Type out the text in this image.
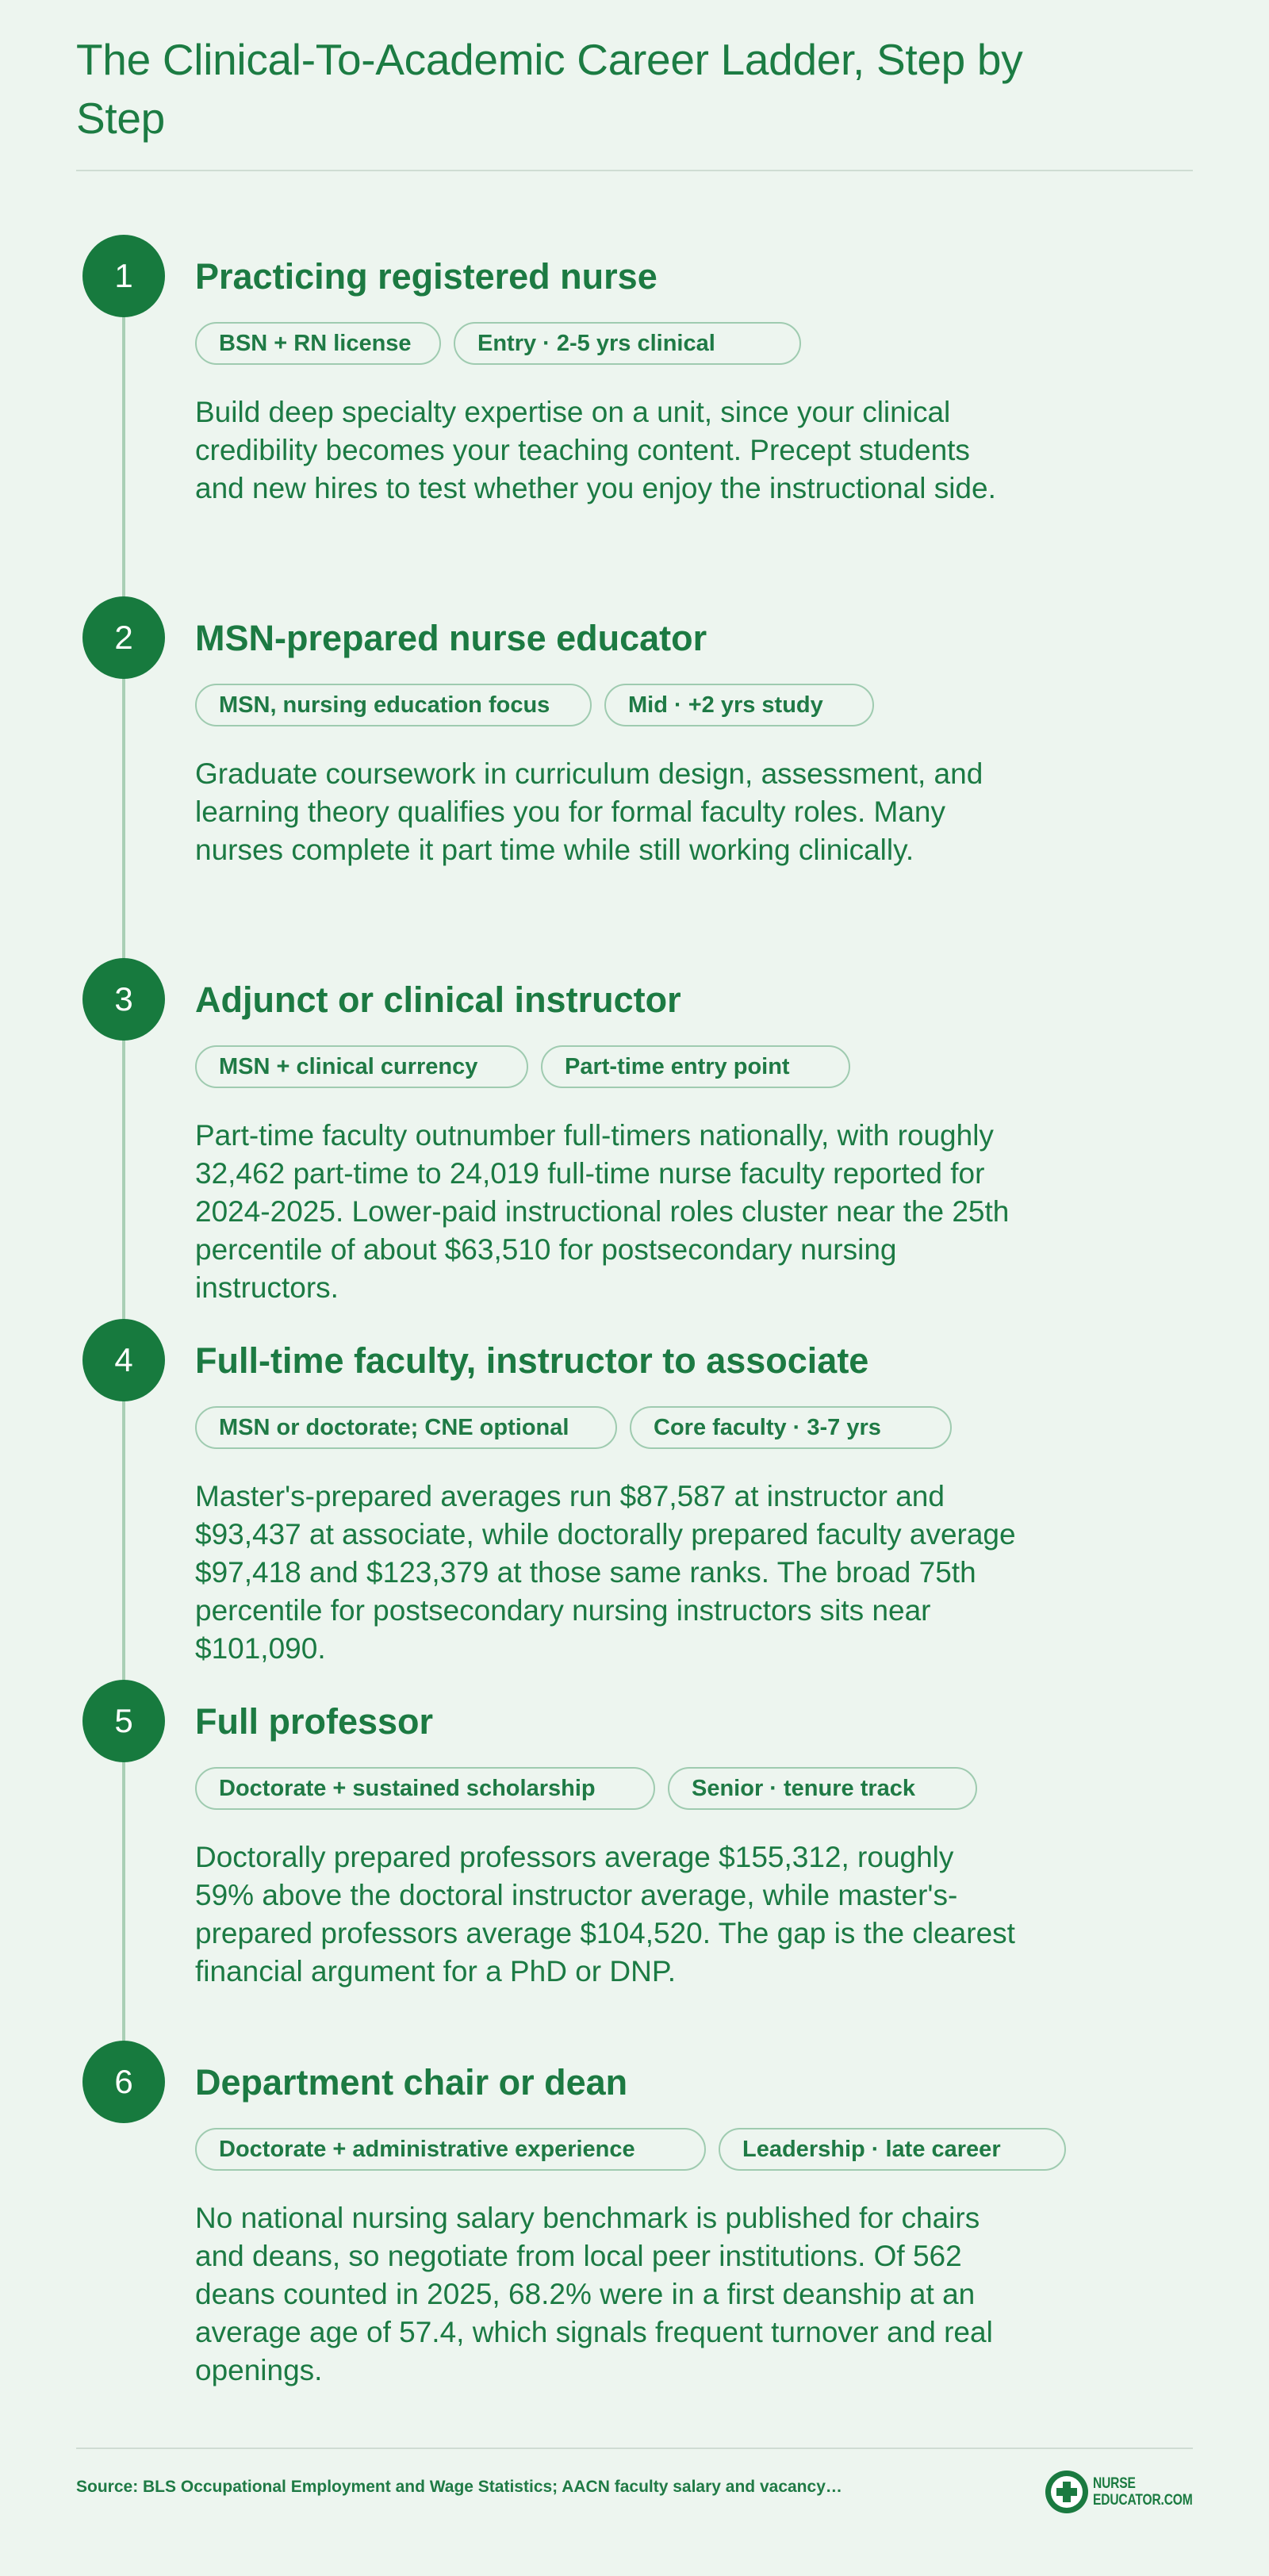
The Clinical-To-Academic Career Ladder, Step by Step
1	Practicing registered nurse
BSN + RN license	Entry · 2-5 yrs clinical

Build deep specialty expertise on a unit, since your clinical credibility becomes your teaching content. Precept students and new hires to test whether you enjoy the instructional side.

2	MSN-prepared nurse educator
MSN, nursing education focus	Mid · +2 yrs study

Graduate coursework in curriculum design, assessment, and learning theory qualifies you for formal faculty roles. Many nurses complete it part time while still working clinically.

3	Adjunct or clinical instructor
MSN + clinical currency	Part-time entry point

Part-time faculty outnumber full-timers nationally, with roughly 32,462 part-time to 24,019 full-time nurse faculty reported for 2024-2025. Lower-paid instructional roles cluster near the 25th percentile of about $63,510 for postsecondary nursing instructors.

4	Full-time faculty, instructor to associate
MSN or doctorate; CNE optional	Core faculty · 3-7 yrs

Master's-prepared averages run $87,587 at instructor and $93,437 at associate, while doctorally prepared faculty average $97,418 and $123,379 at those same ranks. The broad 75th percentile for postsecondary nursing instructors sits near $101,090.

5	Full professor
Doctorate + sustained scholarship	Senior · tenure track

Doctorally prepared professors average $155,312, roughly 59% above the doctoral instructor average, while master's-prepared professors average $104,520. The gap is the clearest financial argument for a PhD or DNP.

6	Department chair or dean
Doctorate + administrative experience	Leadership · late career

No national nursing salary benchmark is published for chairs and deans, so negotiate from local peer institutions. Of 562 deans counted in 2025, 68.2% were in a first deanship at an average age of 57.4, which signals frequent turnover and real openings.

Source: BLS Occupational Employment and Wage Statistics; AACN faculty salary and vacancy…	NURSE
EDUCATOR.COM
